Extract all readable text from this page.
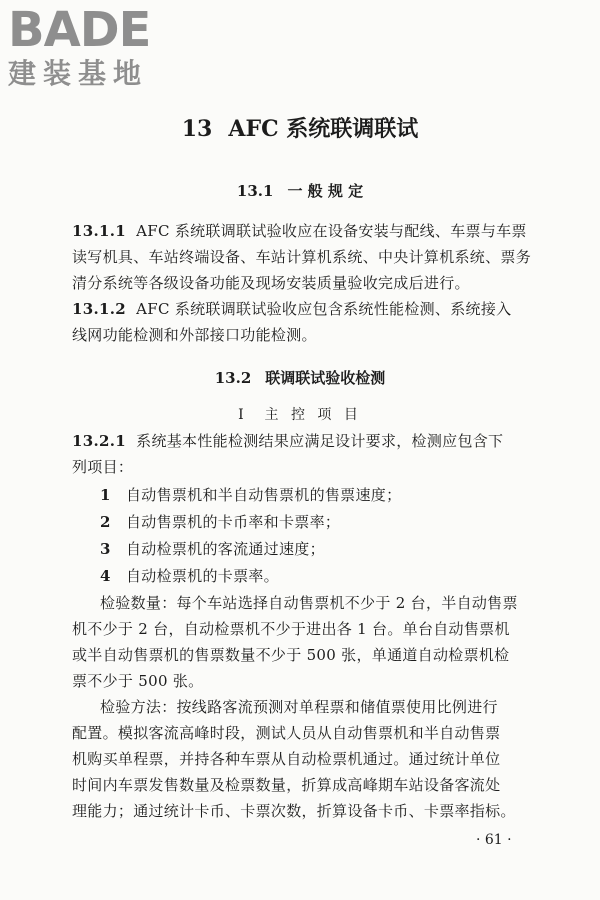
BADE
建装基地
13 AFC 系统联调联试
13.1 一 般 规 定
13.1.1 AFC 系统联调联试验收应在设备安装与配线、车票与车票
读写机具、车站终端设备、车站计算机系统、中央计算机系统、票务
清分系统等各级设备功能及现场安装质量验收完成后进行。
13.1.2 AFC 系统联调联试验收应包含系统性能检测、系统接入
线网功能检测和外部接口功能检测。
13.2 联调联试验收检测
Ⅰ 主 控 项 目
13.2.1 系统基本性能检测结果应满足设计要求，检测应包含下
列项目：
1 自动售票机和半自动售票机的售票速度；
2 自动售票机的卡币率和卡票率；
3 自动检票机的客流通过速度；
4 自动检票机的卡票率。
检验数量：每个车站选择自动售票机不少于 2 台，半自动售票
机不少于 2 台，自动检票机不少于进出各 1 台。单台自动售票机
或半自动售票机的售票数量不少于 500 张，单通道自动检票机检
票不少于 500 张。
检验方法：按线路客流预测对单程票和储值票使用比例进行
配置。模拟客流高峰时段，测试人员从自动售票机和半自动售票
机购买单程票，并持各种车票从自动检票机通过。通过统计单位
时间内车票发售数量及检票数量，折算成高峰期车站设备客流处
理能力；通过统计卡币、卡票次数，折算设备卡币、卡票率指标。
· 61 ·
